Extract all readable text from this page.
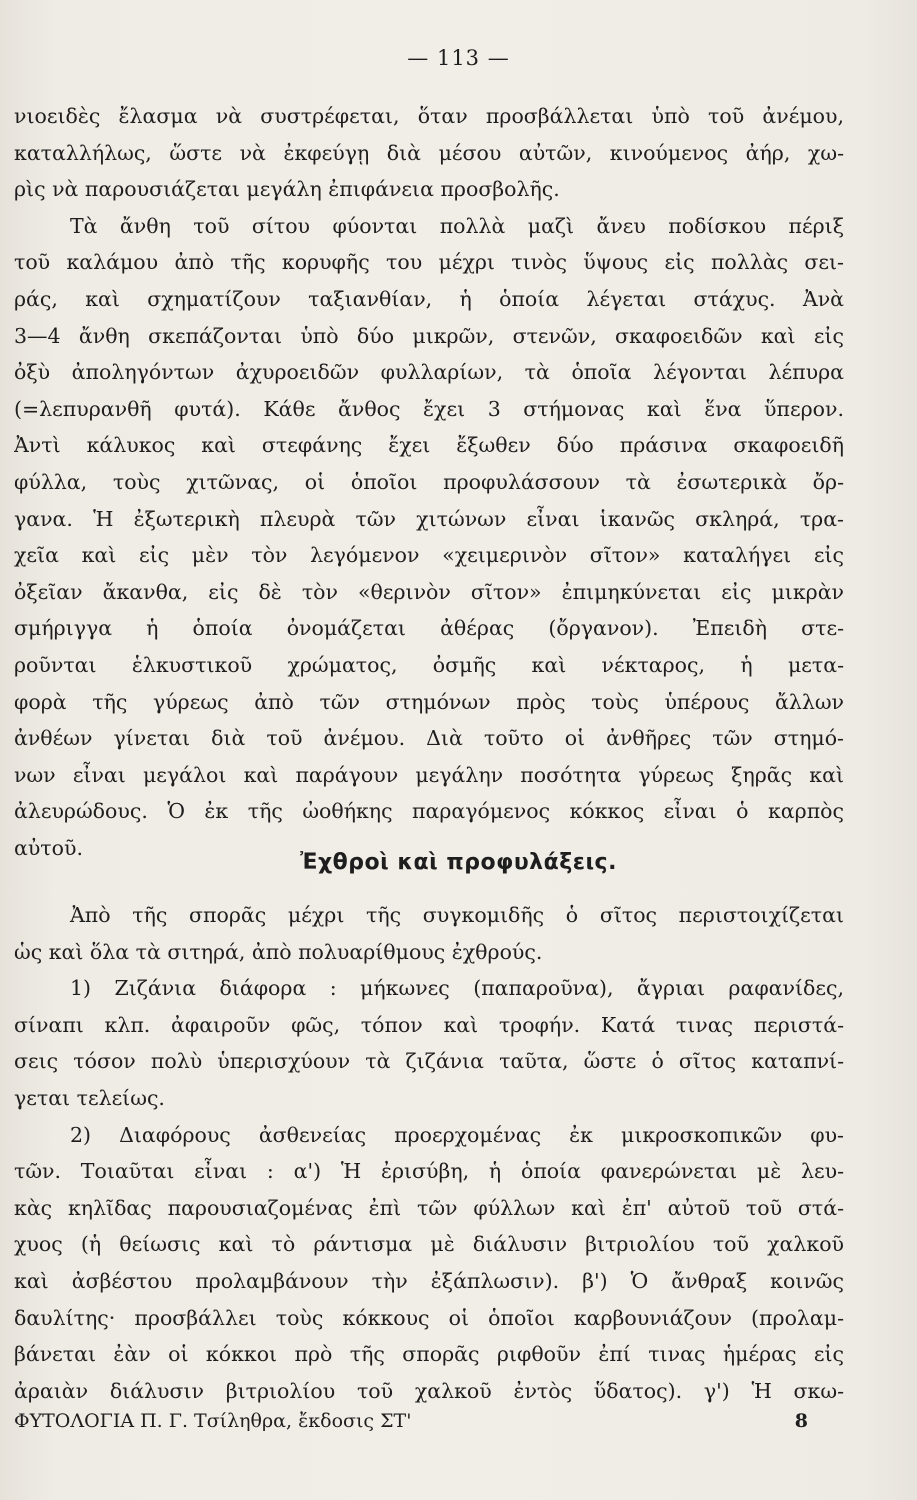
— 113 —
νιοειδὲς ἔλασμα νὰ συστρέφεται, ὅταν προσβάλλεται ὑπὸ τοῦ ἀνέμου,
καταλλήλως, ὥστε νὰ ἐκφεύγῃ διὰ μέσου αὐτῶν, κινούμενος ἀήρ, χω-
ρὶς νὰ παρουσιάζεται μεγάλη ἐπιφάνεια προσβολῆς.
Τὰ ἄνθη τοῦ σίτου φύονται πολλὰ μαζὶ ἄνευ ποδίσκου πέριξ
τοῦ καλάμου ἀπὸ τῆς κορυφῆς του μέχρι τινὸς ὕψους εἰς πολλὰς σει-
ράς, καὶ σχηματίζουν ταξιανθίαν, ἡ ὁποία λέγεται στάχυς. Ἀνὰ
3—4 ἄνθη σκεπάζονται ὑπὸ δύο μικρῶν, στενῶν, σκαφοειδῶν καὶ εἰς
ὀξὺ ἀποληγόντων ἀχυροειδῶν φυλλαρίων, τὰ ὁποῖα λέγονται λέπυρα
(=λεπυρανθῆ φυτά). Κάθε ἄνθος ἔχει 3 στήμονας καὶ ἕνα ὕπερον.
Ἀντὶ κάλυκος καὶ στεφάνης ἔχει ἔξωθεν δύο πράσινα σκαφοειδῆ
φύλλα, τοὺς χιτῶνας, οἱ ὁποῖοι προφυλάσσουν τὰ ἐσωτερικὰ ὄρ-
γανα. Ἡ ἐξωτερικὴ πλευρὰ τῶν χιτώνων εἶναι ἱκανῶς σκληρά, τρα-
χεῖα καὶ εἰς μὲν τὸν λεγόμενον «χειμερινὸν σῖτον» καταλήγει εἰς
ὀξεῖαν ἄκανθα, εἰς δὲ τὸν «θερινὸν σῖτον» ἐπιμηκύνεται εἰς μικρὰν
σμήριγγα ἡ ὁποία ὀνομάζεται ἀθέρας (ὄργανον). Ἐπειδὴ στε-
ροῦνται ἑλκυστικοῦ χρώματος, ὀσμῆς καὶ νέκταρος, ἡ μετα-
φορὰ τῆς γύρεως ἀπὸ τῶν στημόνων πρὸς τοὺς ὑπέρους ἄλλων
ἀνθέων γίνεται διὰ τοῦ ἀνέμου. Διὰ τοῦτο οἱ ἀνθῆρες τῶν στημό-
νων εἶναι μεγάλοι καὶ παράγουν μεγάλην ποσότητα γύρεως ξηρᾶς καὶ
ἀλευρώδους. Ὁ ἐκ τῆς ὠοθήκης παραγόμενος κόκκος εἶναι ὁ καρπὸς
αὐτοῦ.
Ἐχθροὶ καὶ προφυλάξεις.
Ἀπὸ τῆς σπορᾶς μέχρι τῆς συγκομιδῆς ὁ σῖτος περιστοιχίζεται
ὡς καὶ ὅλα τὰ σιτηρά, ἀπὸ πολυαρίθμους ἐχθρούς.
1) Ζιζάνια διάφορα : μήκωνες (παπαροῦνα), ἄγριαι ραφανίδες,
σίναπι κλπ. ἀφαιροῦν φῶς, τόπον καὶ τροφήν. Κατά τινας περιστά-
σεις τόσον πολὺ ὑπερισχύουν τὰ ζιζάνια ταῦτα, ὥστε ὁ σῖτος καταπνί-
γεται τελείως.
2) Διαφόρους ἀσθενείας προερχομένας ἐκ μικροσκοπικῶν φυ-
τῶν. Τοιαῦται εἶναι : α') Ἡ ἐρισύβη, ἡ ὁποία φανερώνεται μὲ λευ-
κὰς κηλῖδας παρουσιαζομένας ἐπὶ τῶν φύλλων καὶ ἐπ' αὐτοῦ τοῦ στά-
χυος (ἡ θείωσις καὶ τὸ ράντισμα μὲ διάλυσιν βιτριολίου τοῦ χαλκοῦ
καὶ ἀσβέστου προλαμβάνουν τὴν ἐξάπλωσιν). β') Ὁ ἄνθραξ κοινῶς
δαυλίτης· προσβάλλει τοὺς κόκκους οἱ ὁποῖοι καρβουνιάζουν (προλαμ-
βάνεται ἐὰν οἱ κόκκοι πρὸ τῆς σπορᾶς ριφθοῦν ἐπί τινας ἡμέρας εἰς
ἀραιὰν διάλυσιν βιτριολίου τοῦ χαλκοῦ ἐντὸς ὕδατος). γ') Ἡ σκω-
ΦΥΤΟΛΟΓΙΑ Π. Γ. Τσίληθρα, ἔκδοσις ΣΤ'	8
